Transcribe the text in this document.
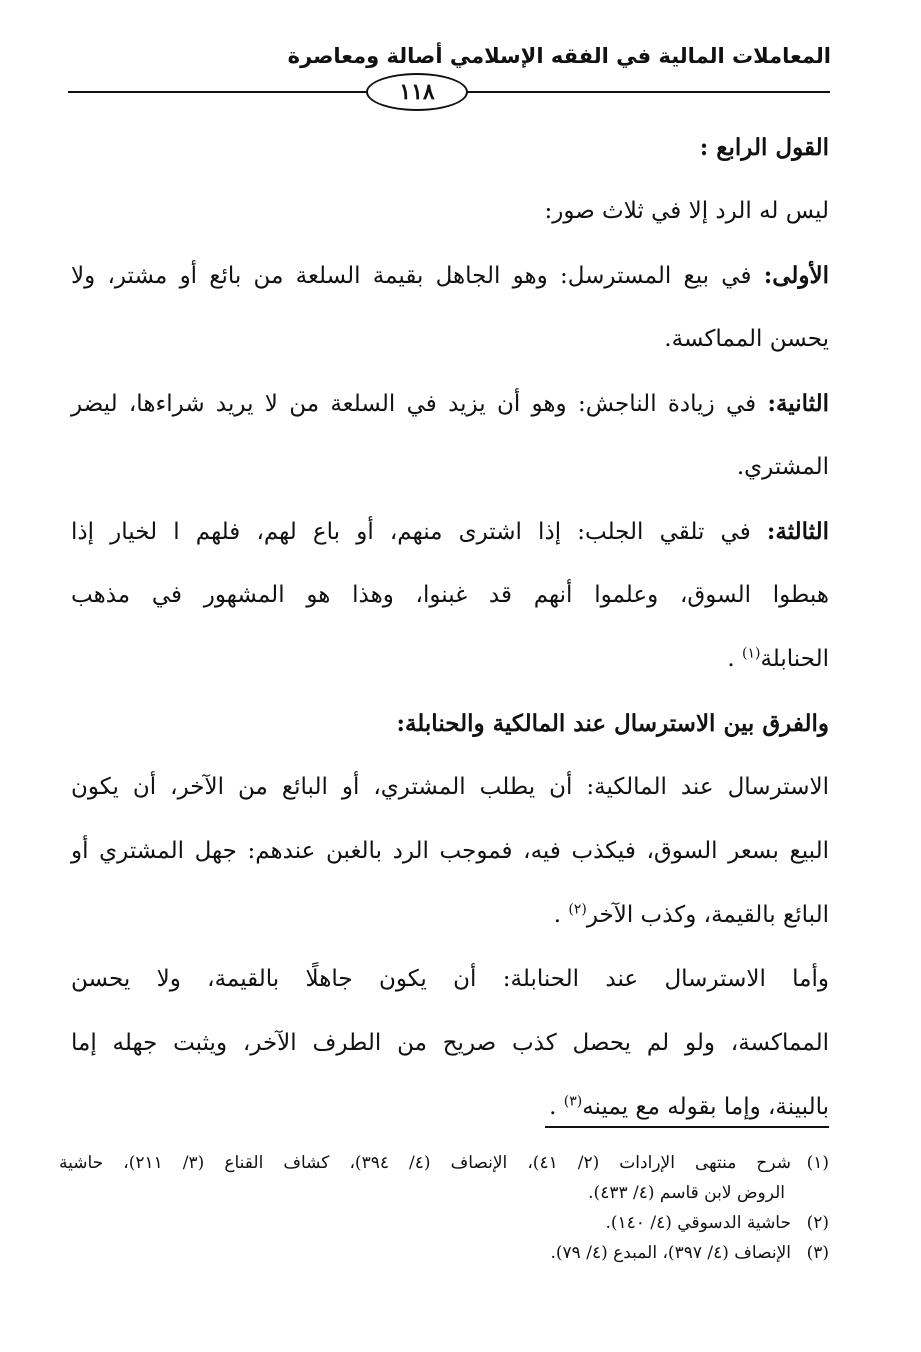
المعاملات المالية في الفقه الإسلامي أصالة ومعاصرة
١١٨
القول الرابع :
ليس له الرد إلا في ثلاث صور:
الأولى: في بيع المسترسل: وهو الجاهل بقيمة السلعة من بائع أو مشتر، ولا
يحسن المماكسة.
الثانية: في زيادة الناجش: وهو أن يزيد في السلعة من لا يريد شراءها، ليضر
المشتري.
الثالثة: في تلقي الجلب: إذا اشترى منهم، أو باع لهم، فلهم ا لخيار إذا
هبطوا السوق، وعلموا أنهم قد غبنوا، وهذا هو المشهور في مذهب
الحنابلة$^{(١)}$ .
والفرق بين الاسترسال عند المالكية والحنابلة:
الاسترسال عند المالكية: أن يطلب المشتري، أو البائع من الآخر، أن يكون
البيع بسعر السوق، فيكذب فيه، فموجب الرد بالغبن عندهم: جهل المشتري أو
البائع بالقيمة، وكذب الآخر$^{(٢)}$ .
وأما الاسترسال عند الحنابلة: أن يكون جاهلًا بالقيمة، ولا يحسن
المماكسة، ولو لم يحصل كذب صريح من الطرف الآخر، ويثبت جهله إما
بالبينة، وإما بقوله مع يمينه$^{(٣)}$ .
(١)شرح منتهى الإرادات (٢/ ٤١)، الإنصاف (٤/ ٣٩٤)، كشاف القناع (٣/ ٢١١)، حاشية
الروض لابن قاسم (٤/ ٤٣٣).
(٢)حاشية الدسوقي (٤/ ١٤٠).
(٣)الإنصاف (٤/ ٣٩٧)، المبدع (٤/ ٧٩).
